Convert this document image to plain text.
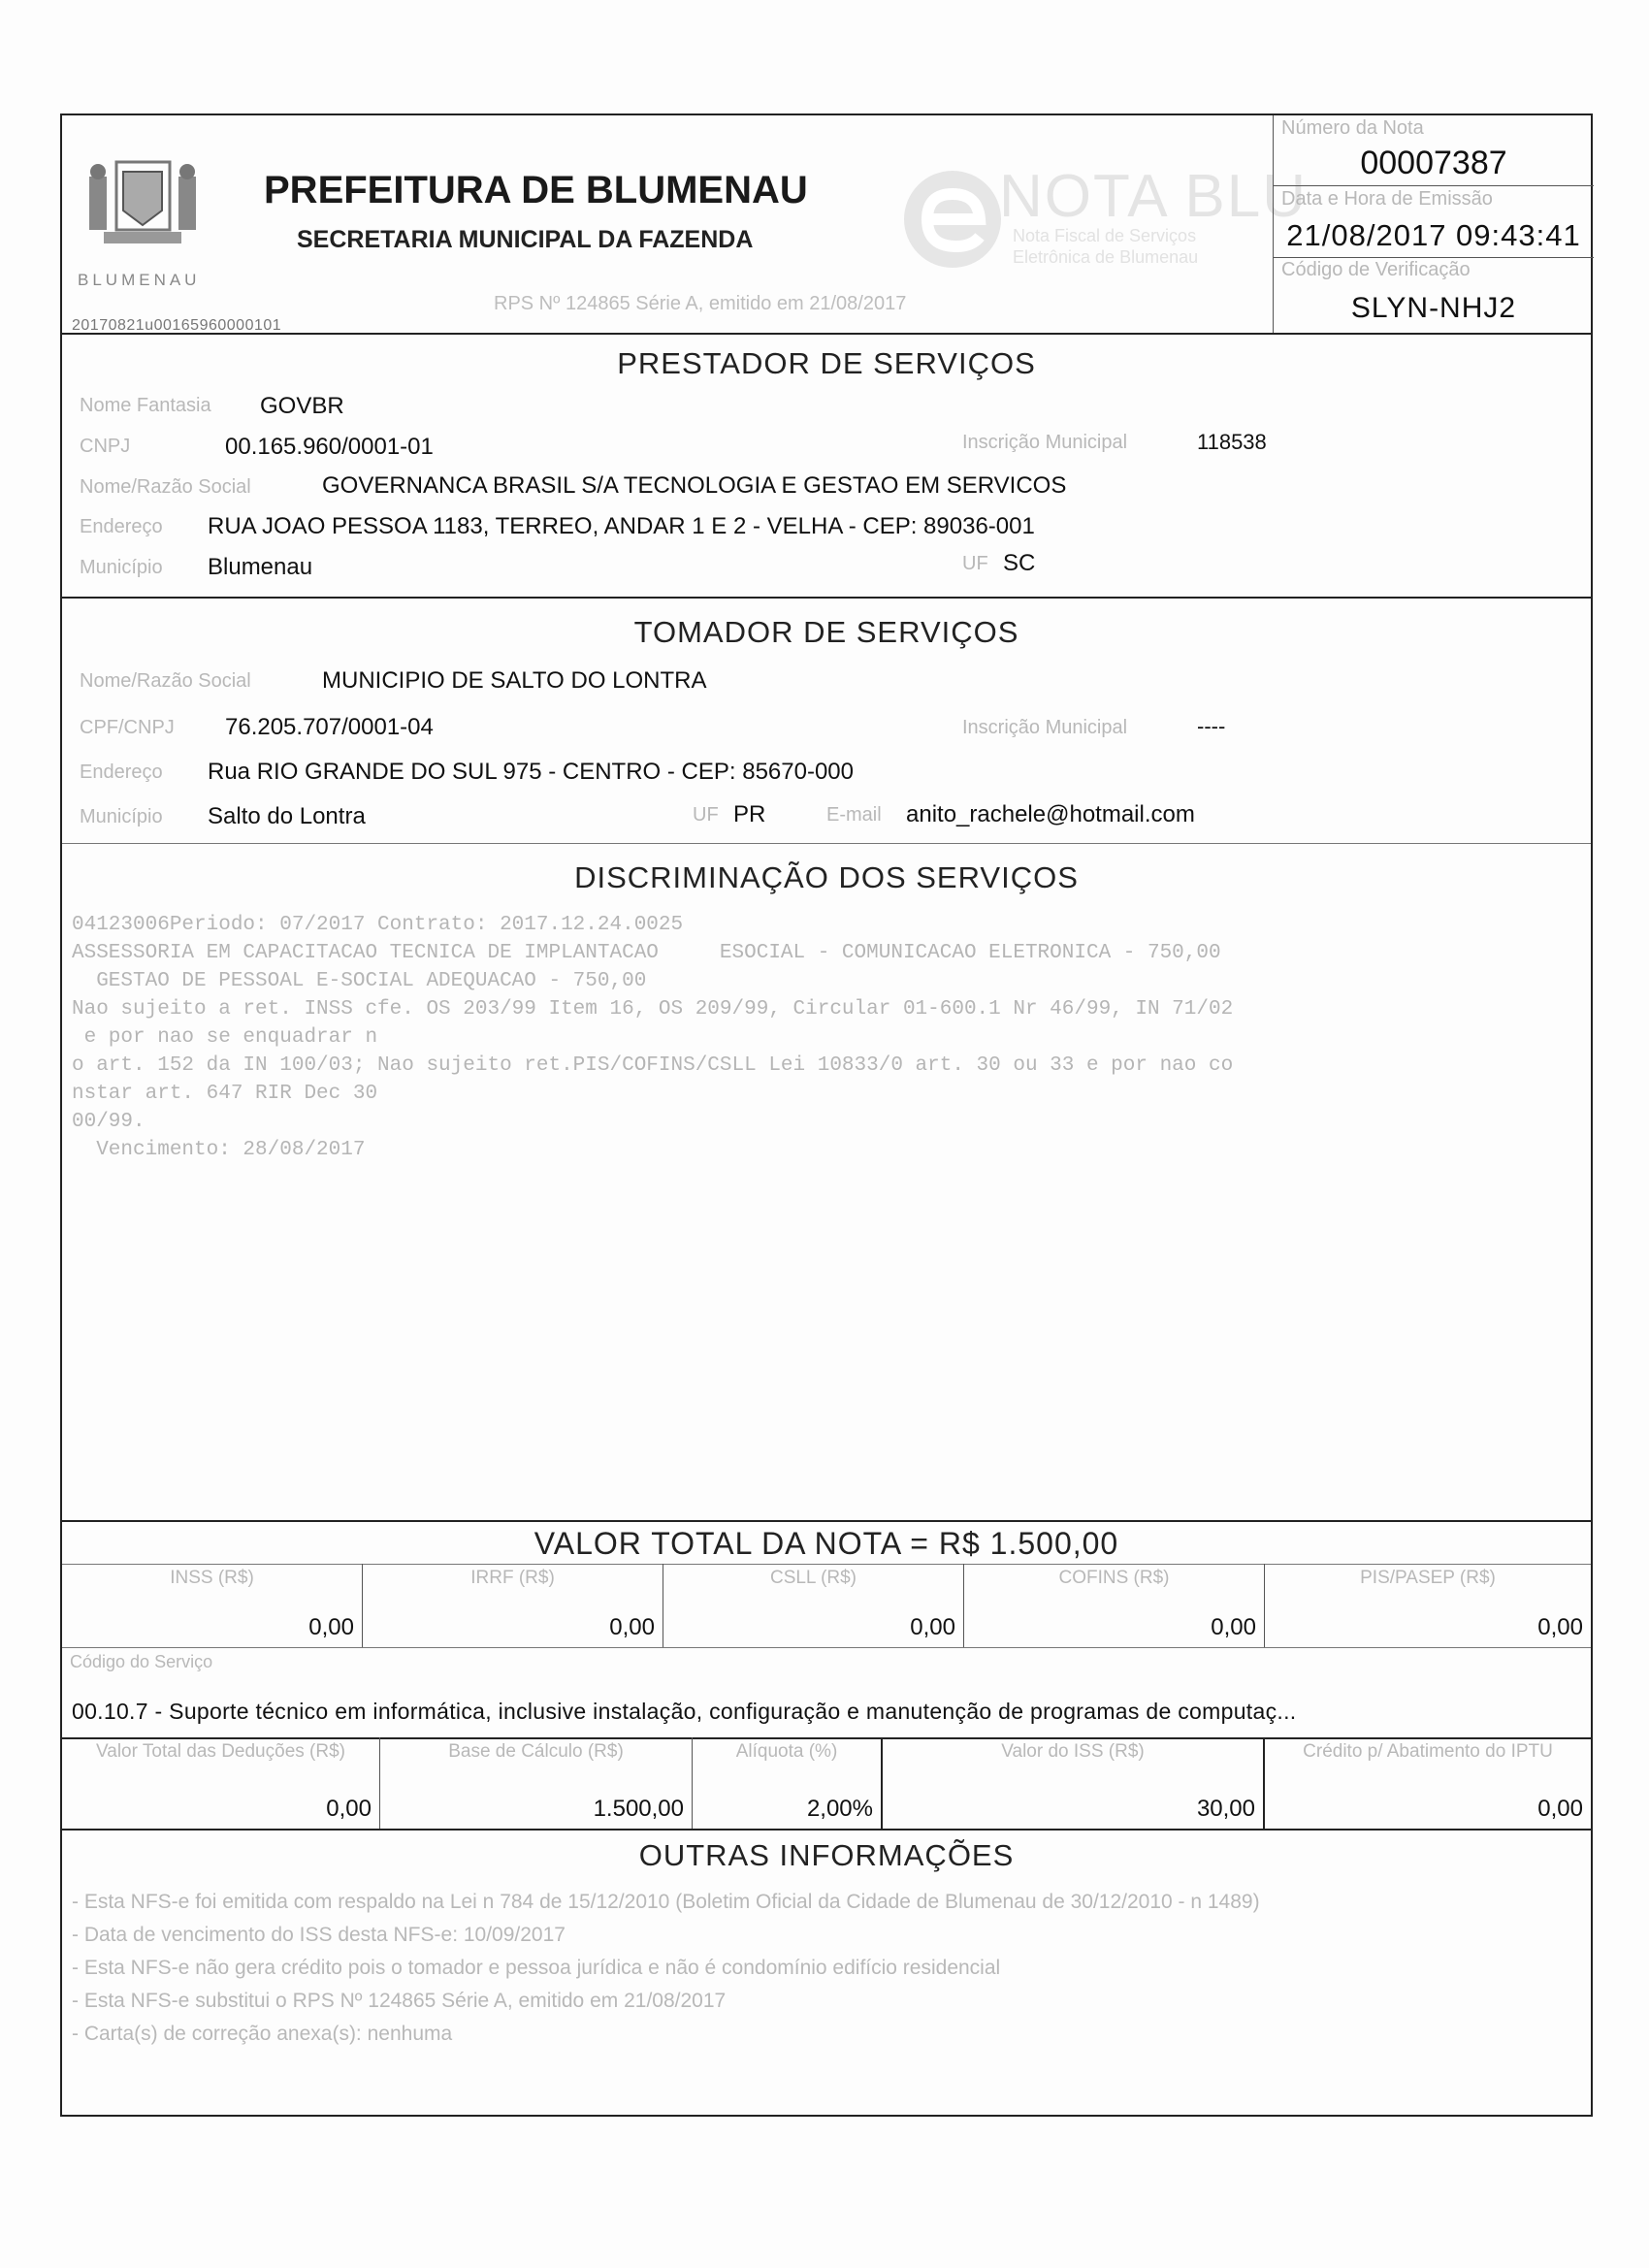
BLUMENAU
20170821u00165960000101
PREFEITURA DE BLUMENAU
SECRETARIA MUNICIPAL DA FAZENDA
NOTA BLU
Nota Fiscal de Serviços
Eletrônica de Blumenau
RPS Nº 124865 Série A, emitido em 21/08/2017
Número da Nota
00007387
Data e Hora de Emissão
21/08/2017 09:43:41
Código de Verificação
SLYN-NHJ2
PRESTADOR DE SERVIÇOS
Nome Fantasia GOVBR
CNPJ	00.165.960/0001-01	Inscrição Municipal	118538
Nome/Razão Social	GOVERNANCA BRASIL S/A TECNOLOGIA E GESTAO EM SERVICOS
Endereço RUA JOAO PESSOA 1183, TERREO, ANDAR 1 E 2 - VELHA - CEP: 89036-001
Município Blumenau	UF SC
TOMADOR DE SERVIÇOS
Nome/Razão Social	MUNICIPIO DE SALTO DO LONTRA
CPF/CNPJ 76.205.707/0001-04	Inscrição Municipal	----
Endereço Rua RIO GRANDE DO SUL 975 - CENTRO - CEP: 85670-000
Município Salto do Lontra	UF PR	E-mail anito_rachele@hotmail.com
DISCRIMINAÇÃO DOS SERVIÇOS
04123006Periodo: 07/2017 Contrato: 2017.12.24.0025
ASSESSORIA EM CAPACITACAO TECNICA DE IMPLANTACAO     ESOCIAL - COMUNICACAO ELETRONICA - 750,00
GESTAO DE PESSOAL E-SOCIAL ADEQUACAO - 750,00
Nao sujeito a ret. INSS cfe. OS 203/99 Item 16, OS 209/99, Circular 01-600.1 Nr 46/99, IN 71/02
e por nao se enquadrar n
o art. 152 da IN 100/03; Nao sujeito ret.PIS/COFINS/CSLL Lei 10833/0 art. 30 ou 33 e por nao co
nstar art. 647 RIR Dec 30
00/99.
Vencimento: 28/08/2017
VALOR TOTAL DA NOTA = R$ 1.500,00
INSS (R$)
0,00
IRRF (R$)
0,00
CSLL (R$)
0,00
COFINS (R$)
0,00
PIS/PASEP (R$)
0,00
Código do Serviço
00.10.7 - Suporte técnico em informática, inclusive instalação, configuração e manutenção de programas de computaç...
Valor Total das Deduções (R$)
0,00
Base de Cálculo (R$)
1.500,00
Alíquota (%)
2,00%
Valor do ISS (R$)
30,00
Crédito p/ Abatimento do IPTU
0,00
OUTRAS INFORMAÇÕES
- Esta NFS-e foi emitida com respaldo na Lei n 784 de 15/12/2010 (Boletim Oficial da Cidade de Blumenau de 30/12/2010 - n 1489)
- Data de vencimento do ISS desta NFS-e: 10/09/2017
- Esta NFS-e não gera crédito pois o tomador e pessoa jurídica e não é condomínio edifício residencial
- Esta NFS-e substitui o RPS Nº 124865 Série A, emitido em 21/08/2017
- Carta(s) de correção anexa(s): nenhuma
